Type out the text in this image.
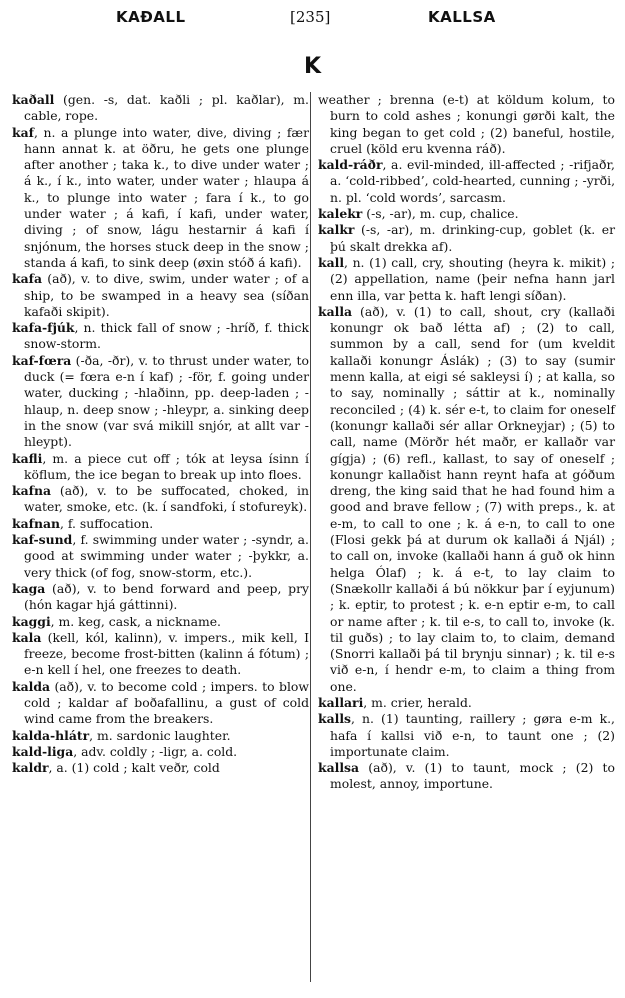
KAÐALL	[235]	KALLSA
K

kaðall (gen. -s, dat. kaðli ; pl. kaðlar), m. cable, rope.

kaf, n. a plunge into water, dive, diving ; fær hann annat k. at öðru, he gets one plunge after another ; taka k., to dive under water ; á k., í k., into water, under water ; hlaupa á k., to plunge into water ; fara í k., to go under water ; á kafi, í kafi, under water, diving ; of snow, lágu hestarnir á kafi í snjónum, the horses stuck deep in the snow ; standa á kafi, to sink deep (øxin stóð á kafi).

kafa (að), v. to dive, swim, under water ; of a ship, to be swamped in a heavy sea (síðan kafaði skipit).

kafa-fjúk, n. thick fall of snow ; -hríð, f. thick snow-storm.

kaf-fœra (-ða, -ðr), v. to thrust under water, to duck (= fœra e-n í kaf) ; -för, f. going under water, ducking ; -hlaðinn, pp. deep-laden ; -hlaup, n. deep snow ; -hleypr, a. sinking deep in the snow (var svá mikill snjór, at allt var -hleypt).

kafli, m. a piece cut off ; tók at leysa ísinn í köflum, the ice began to break up into floes.

kafna (að), v. to be suffocated, choked, in water, smoke, etc. (k. í sandfoki, í stofureyk).

kafnan, f. suffocation.

kaf-sund, f. swimming under water ; -syndr, a. good at swimming under water ; -þykkr, a. very thick (of fog, snow-storm, etc.).

kaga (að), v. to bend forward and peep, pry (hón kagar hjá gáttinni).

kaggi, m. keg, cask, a nickname.

kala (kell, kól, kalinn), v. impers., mik kell, I freeze, become frost-bitten (kalinn á fótum) ; e-n kell í hel, one freezes to death.

kalda (að), v. to become cold ; impers. to blow cold ; kaldar af boðafallinu, a gust of cold wind came from the breakers.

kalda-hlátr, m. sardonic laughter.

kald-liga, adv. coldly ; -ligr, a. cold.

kaldr, a. (1) cold ; kalt veðr, cold

weather ; brenna (e-t) at köldum kolum, to burn to cold ashes ; konungi gørði kalt, the king began to get cold ; (2) baneful, hostile, cruel (köld eru kvenna ráð).

kald-ráðr, a. evil-minded, ill-affected ; -rifjaðr, a. ‘cold-ribbed’, cold-hearted, cunning ; -yrði, n. pl. ‘cold words’, sarcasm.

kalekr (-s, -ar), m. cup, chalice.

kalkr (-s, -ar), m. drinking-cup, goblet (k. er þú skalt drekka af).

kall, n. (1) call, cry, shouting (heyra k. mikit) ; (2) appellation, name (þeir nefna hann jarl enn illa, var þetta k. haft lengi síðan).

kalla (að), v. (1) to call, shout, cry (kallaði konungr ok bað létta af) ; (2) to call, summon by a call, send for (um kveldit kallaði konungr Áslák) ; (3) to say (sumir menn kalla, at eigi sé sakleysi í) ; at kalla, so to say, nominally ; sáttir at k., nominally reconciled ; (4) k. sér e-t, to claim for oneself (konungr kallaði sér allar Orkneyjar) ; (5) to call, name (Mörðr hét maðr, er kallaðr var gígja) ; (6) refl., kallast, to say of oneself ; konungr kallaðist hann reynt hafa at góðum dreng, the king said that he had found him a good and brave fellow ; (7) with preps., k. at e-m, to call to one ; k. á e-n, to call to one (Flosi gekk þá at durum ok kallaði á Njál) ; to call on, invoke (kallaði hann á guð ok hinn helga Ólaf) ; k. á e-t, to lay claim to (Snækollr kallaði á bú nökkur þar í eyjunum) ; k. eptir, to protest ; k. e-n eptir e-m, to call or name after ; k. til e-s, to call to, invoke (k. til guðs) ; to lay claim to, to claim, demand (Snorri kallaði þá til brynju sinnar) ; k. til e-s við e-n, í hendr e-m, to claim a thing from one.

kallari, m. crier, herald.

kalls, n. (1) taunting, raillery ; gøra e-m k., hafa í kallsi við e-n, to taunt one ; (2) importunate claim.

kallsa (að), v. (1) to taunt, mock ; (2) to molest, annoy, importune.
